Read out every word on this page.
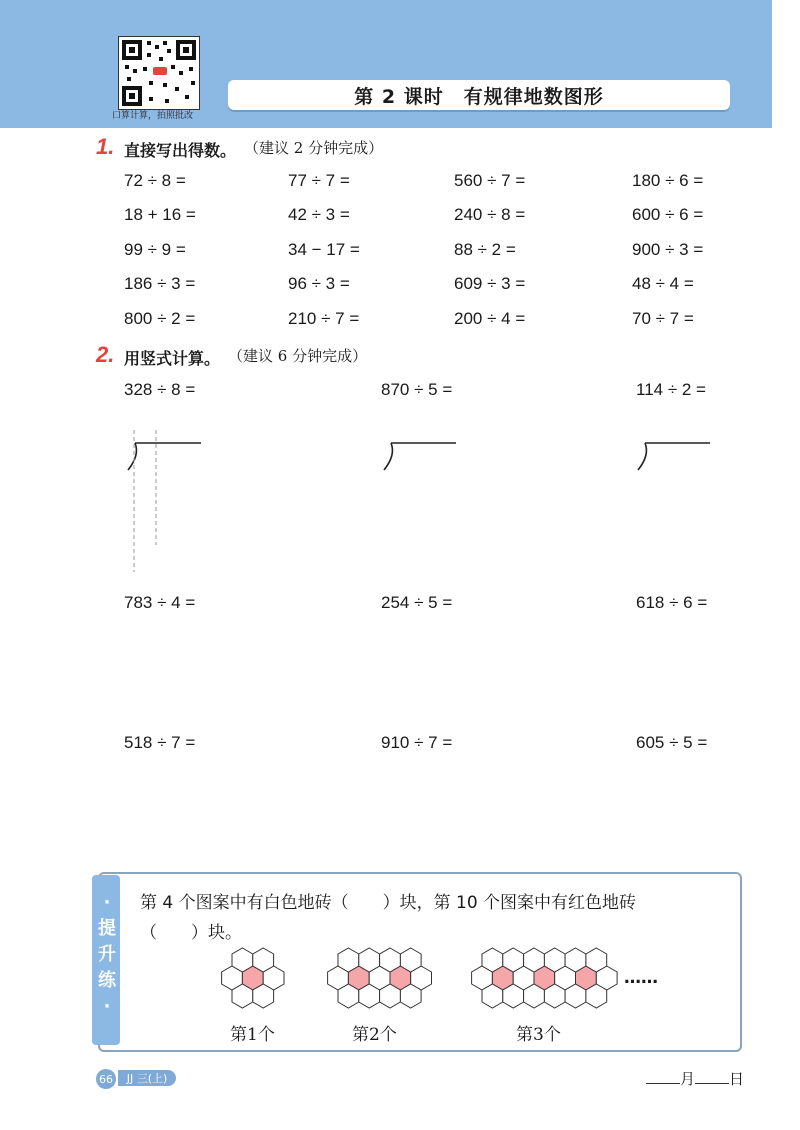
口算计算，拍照批改
第 2 课时　有规律地数图形
1. 直接写出得数。 （建议 2 分钟完成）
72 ÷ 8 =	77 ÷ 7 =	560 ÷ 7 =	180 ÷ 6 =
18 + 16 =	42 ÷ 3 =	240 ÷ 8 =	600 ÷ 6 =
99 ÷ 9 =	34 − 17 =	88 ÷ 2 =	900 ÷ 3 =
186 ÷ 3 =	96 ÷ 3 =	609 ÷ 3 =	48 ÷ 4 =
800 ÷ 2 =	210 ÷ 7 =	200 ÷ 4 =	70 ÷ 7 =
2. 用竖式计算。 （建议 6 分钟完成）
328 ÷ 8 =	870 ÷ 5 =	114 ÷ 2 =
783 ÷ 4 =	254 ÷ 5 =	618 ÷ 6 =
518 ÷ 7 =	910 ÷ 7 =	605 ÷ 5 =
·提升练·
第 4 个图案中有白色地砖（　　）块，第 10 个图案中有红色地砖
（　　）块。
第1个	第2个	第3个
……
66	JJ 三(上)	月 日
